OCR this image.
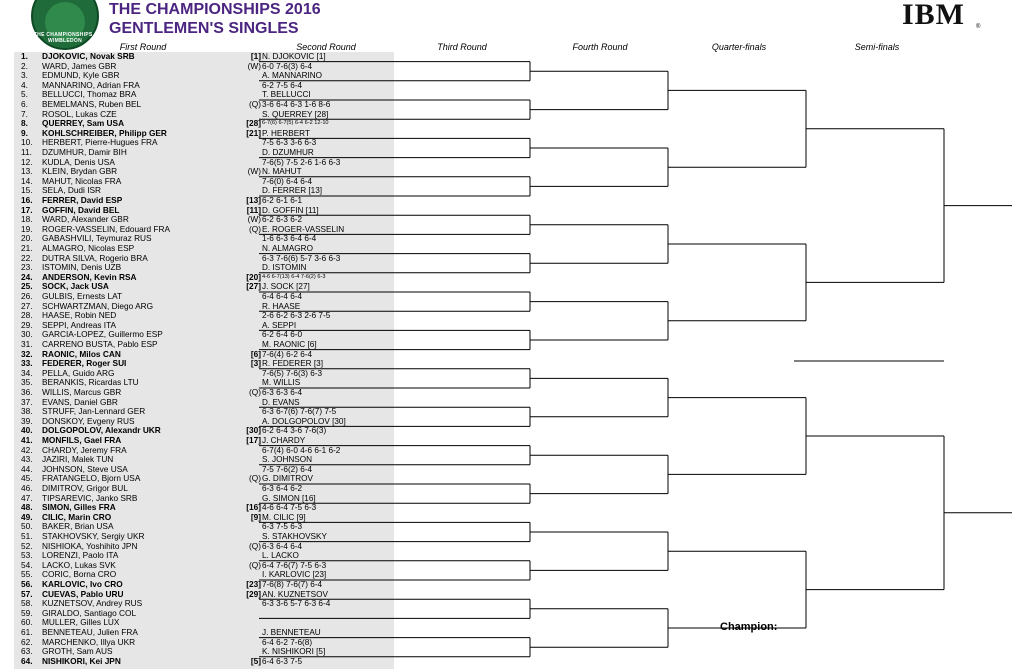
THE CHAMPIONSHIPS · WIMBLEDON
THE CHAMPIONSHIPS 2016
GENTLEMEN'S SINGLES	IBM ®
First Round	Second Round	Third Round	Fourth Round	Quarter-finals	Semi-finals
1.	DJOKOVIC, Novak SRB	[1]
2.	WARD, James GBR	(W)
3.	EDMUND, Kyle GBR
4.	MANNARINO, Adrian FRA
5.	BELLUCCI, Thomaz BRA
6.	BEMELMANS, Ruben BEL	(Q)
7.	ROSOL, Lukas CZE
8.	QUERREY, Sam USA	[28]
9.	KOHLSCHREIBER, Philipp GER	[21]
10.	HERBERT, Pierre-Hugues FRA
11.	DZUMHUR, Damir BIH
12.	KUDLA, Denis USA
13.	KLEIN, Brydan GBR	(W)
14.	MAHUT, Nicolas FRA
15.	SELA, Dudi ISR
16.	FERRER, David ESP	[13]
17.	GOFFIN, David BEL	[11]
18.	WARD, Alexander GBR	(W)
19.	ROGER-VASSELIN, Edouard FRA	(Q)
20.	GABASHVILI, Teymuraz RUS
21.	ALMAGRO, Nicolas ESP
22.	DUTRA SILVA, Rogerio BRA
23.	ISTOMIN, Denis UZB
24.	ANDERSON, Kevin RSA	[20]
25.	SOCK, Jack USA	[27]
26.	GULBIS, Ernests LAT
27.	SCHWARTZMAN, Diego ARG
28.	HAASE, Robin NED
29.	SEPPI, Andreas ITA
30.	GARCIA-LOPEZ, Guillermo ESP
31.	CARRENO BUSTA, Pablo ESP
32.	RAONIC, Milos CAN	[6]
33.	FEDERER, Roger SUI	[3]
34.	PELLA, Guido ARG
35.	BERANKIS, Ricardas LTU
36.	WILLIS, Marcus GBR	(Q)
37.	EVANS, Daniel GBR
38.	STRUFF, Jan-Lennard GER
39.	DONSKOY, Evgeny RUS
40.	DOLGOPOLOV, Alexandr UKR	[30]
41.	MONFILS, Gael FRA	[17]
42.	CHARDY, Jeremy FRA
43.	JAZIRI, Malek TUN
44.	JOHNSON, Steve USA
45.	FRATANGELO, Bjorn USA	(Q)
46.	DIMITROV, Grigor BUL
47.	TIPSAREVIC, Janko SRB
48.	SIMON, Gilles FRA	[16]
49.	CILIC, Marin CRO	[9]
50.	BAKER, Brian USA
51.	STAKHOVSKY, Sergiy UKR
52.	NISHIOKA, Yoshihito JPN	(Q)
53.	LORENZI, Paolo ITA
54.	LACKO, Lukas SVK	(Q)
55.	CORIC, Borna CRO
56.	KARLOVIC, Ivo CRO	[23]
57.	CUEVAS, Pablo URU	[29]
58.	KUZNETSOV, Andrey RUS
59.	GIRALDO, Santiago COL
60.	MULLER, Gilles LUX
61.	BENNETEAU, Julien FRA
62.	MARCHENKO, Illya UKR
63.	GROTH, Sam AUS
64.	NISHIKORI, Kei JPN	[5]
N. DJOKOVIC [1]
6-0 7-6(3) 6-4
A. MANNARINO
6-2 7-5 6-4
T. BELLUCCI
3-6 6-4 6-3 1-6 8-6
S. QUERREY [28]
6-7(6) 6-7(5) 6-4 6-2 12-10
P. HERBERT
7-5 6-3 3-6 6-3
D. DZUMHUR
7-6(5) 7-5 2-6 1-6 6-3
N. MAHUT
7-6(0) 6-4 6-4
D. FERRER [13]
6-2 6-1 6-1
D. GOFFIN [11]
6-2 6-3 6-2
E. ROGER-VASSELIN
1-6 6-3 6-4 6-4
N. ALMAGRO
6-3 7-6(6) 5-7 3-6 6-3
D. ISTOMIN
4-6 6-7(13) 6-4 7-6(2) 6-3
J. SOCK [27]
6-4 6-4 6-4
R. HAASE
2-6 6-2 6-3 2-6 7-5
A. SEPPI
6-2 6-4 6-0
M. RAONIC [6]
7-6(4) 6-2 6-4
R. FEDERER [3]
7-6(5) 7-6(3) 6-3
M. WILLIS
6-3 6-3 6-4
D. EVANS
6-3 6-7(6) 7-6(7) 7-5
A. DOLGOPOLOV [30]
6-2 6-4 3-6 7-6(3)
J. CHARDY
6-7(4) 6-0 4-6 6-1 6-2
S. JOHNSON
7-5 7-6(2) 6-4
G. DIMITROV
6-3 6-4 6-2
G. SIMON [16]
4-6 6-4 7-5 6-3
M. CILIC [9]
6-3 7-5 6-3
S. STAKHOVSKY
6-3 6-4 6-4
L. LACKO
6-4 7-6(7) 7-5 6-3
I. KARLOVIC [23]
7-6(8) 7-6(7) 6-4
AN. KUZNETSOV
6-3 3-6 5-7 6-3 6-4
J. BENNETEAU
6-4 6-2 7-6(8)
K. NISHIKORI [5]
6-4 6-3 7-5
Champion:
